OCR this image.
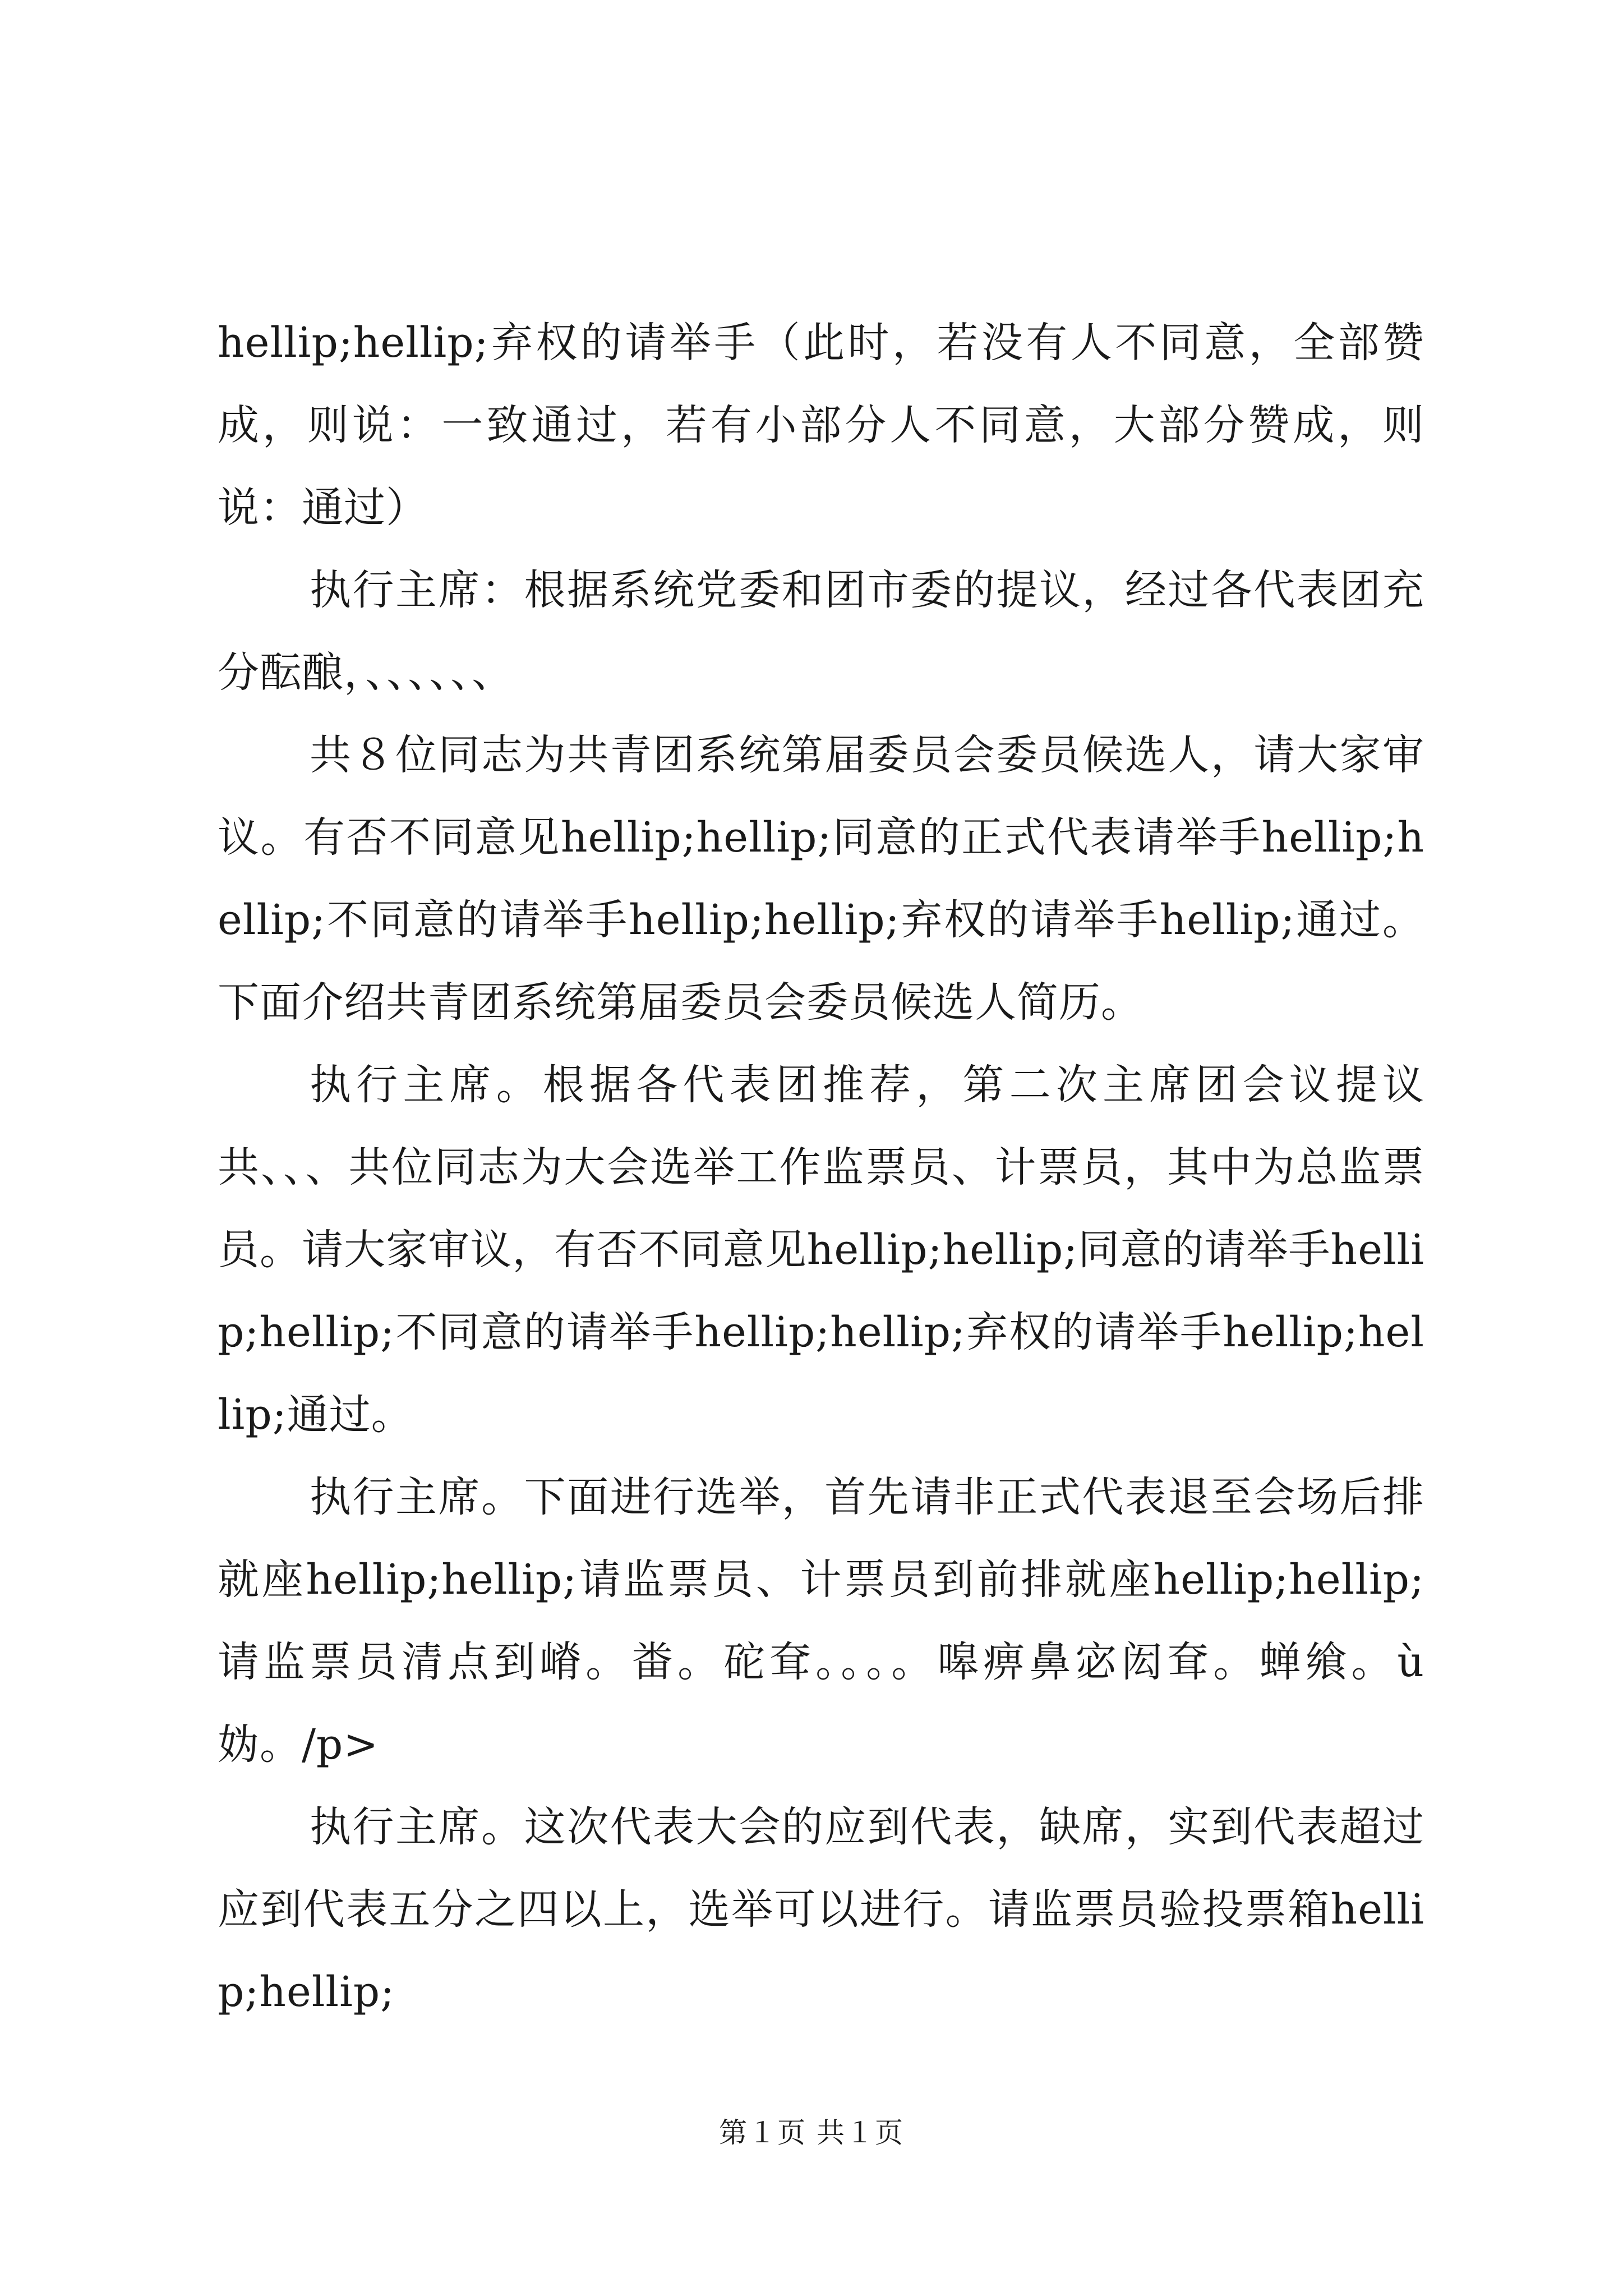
hellip;hellip;弃权的请举手（此时，若没有人不同意，全部赞成，则说：一致通过，若有小部分人不同意，大部分赞成，则说：通过）

执行主席：根据系统党委和团市委的提议，经过各代表团充分酝酿，、、、、、、

共８位同志为共青团系统第届委员会委员候选人，请大家审议。有否不同意见hellip;hellip;同意的正式代表请举手hellip;hellip;不同意的请举手hellip;hellip;弃权的请举手hellip;通过。下面介绍共青团系统第届委员会委员候选人简历。

执行主席。根据各代表团推荐，第二次主席团会议提议共、、、共位同志为大会选举工作监票员、计票员，其中为总监票员。请大家审议，有否不同意见hellip;hellip;同意的请举手hellip;hellip;不同意的请举手hellip;hellip;弃权的请举手hellip;hellip;通过。

执行主席。下面进行选举，首先请非正式代表退至会场后排就座hellip;hellip;请监票员、计票员到前排就座hellip;hellip;请监票员清点到嵴。畨。砣耷。。。。嗥痹鼻宓闳耷。蝉飨。ù 妫。/p>

执行主席。这次代表大会的应到代表，缺席，实到代表超过应到代表五分之四以上，选举可以进行。请监票员验投票箱hellip;hellip;

第１页 共１页
